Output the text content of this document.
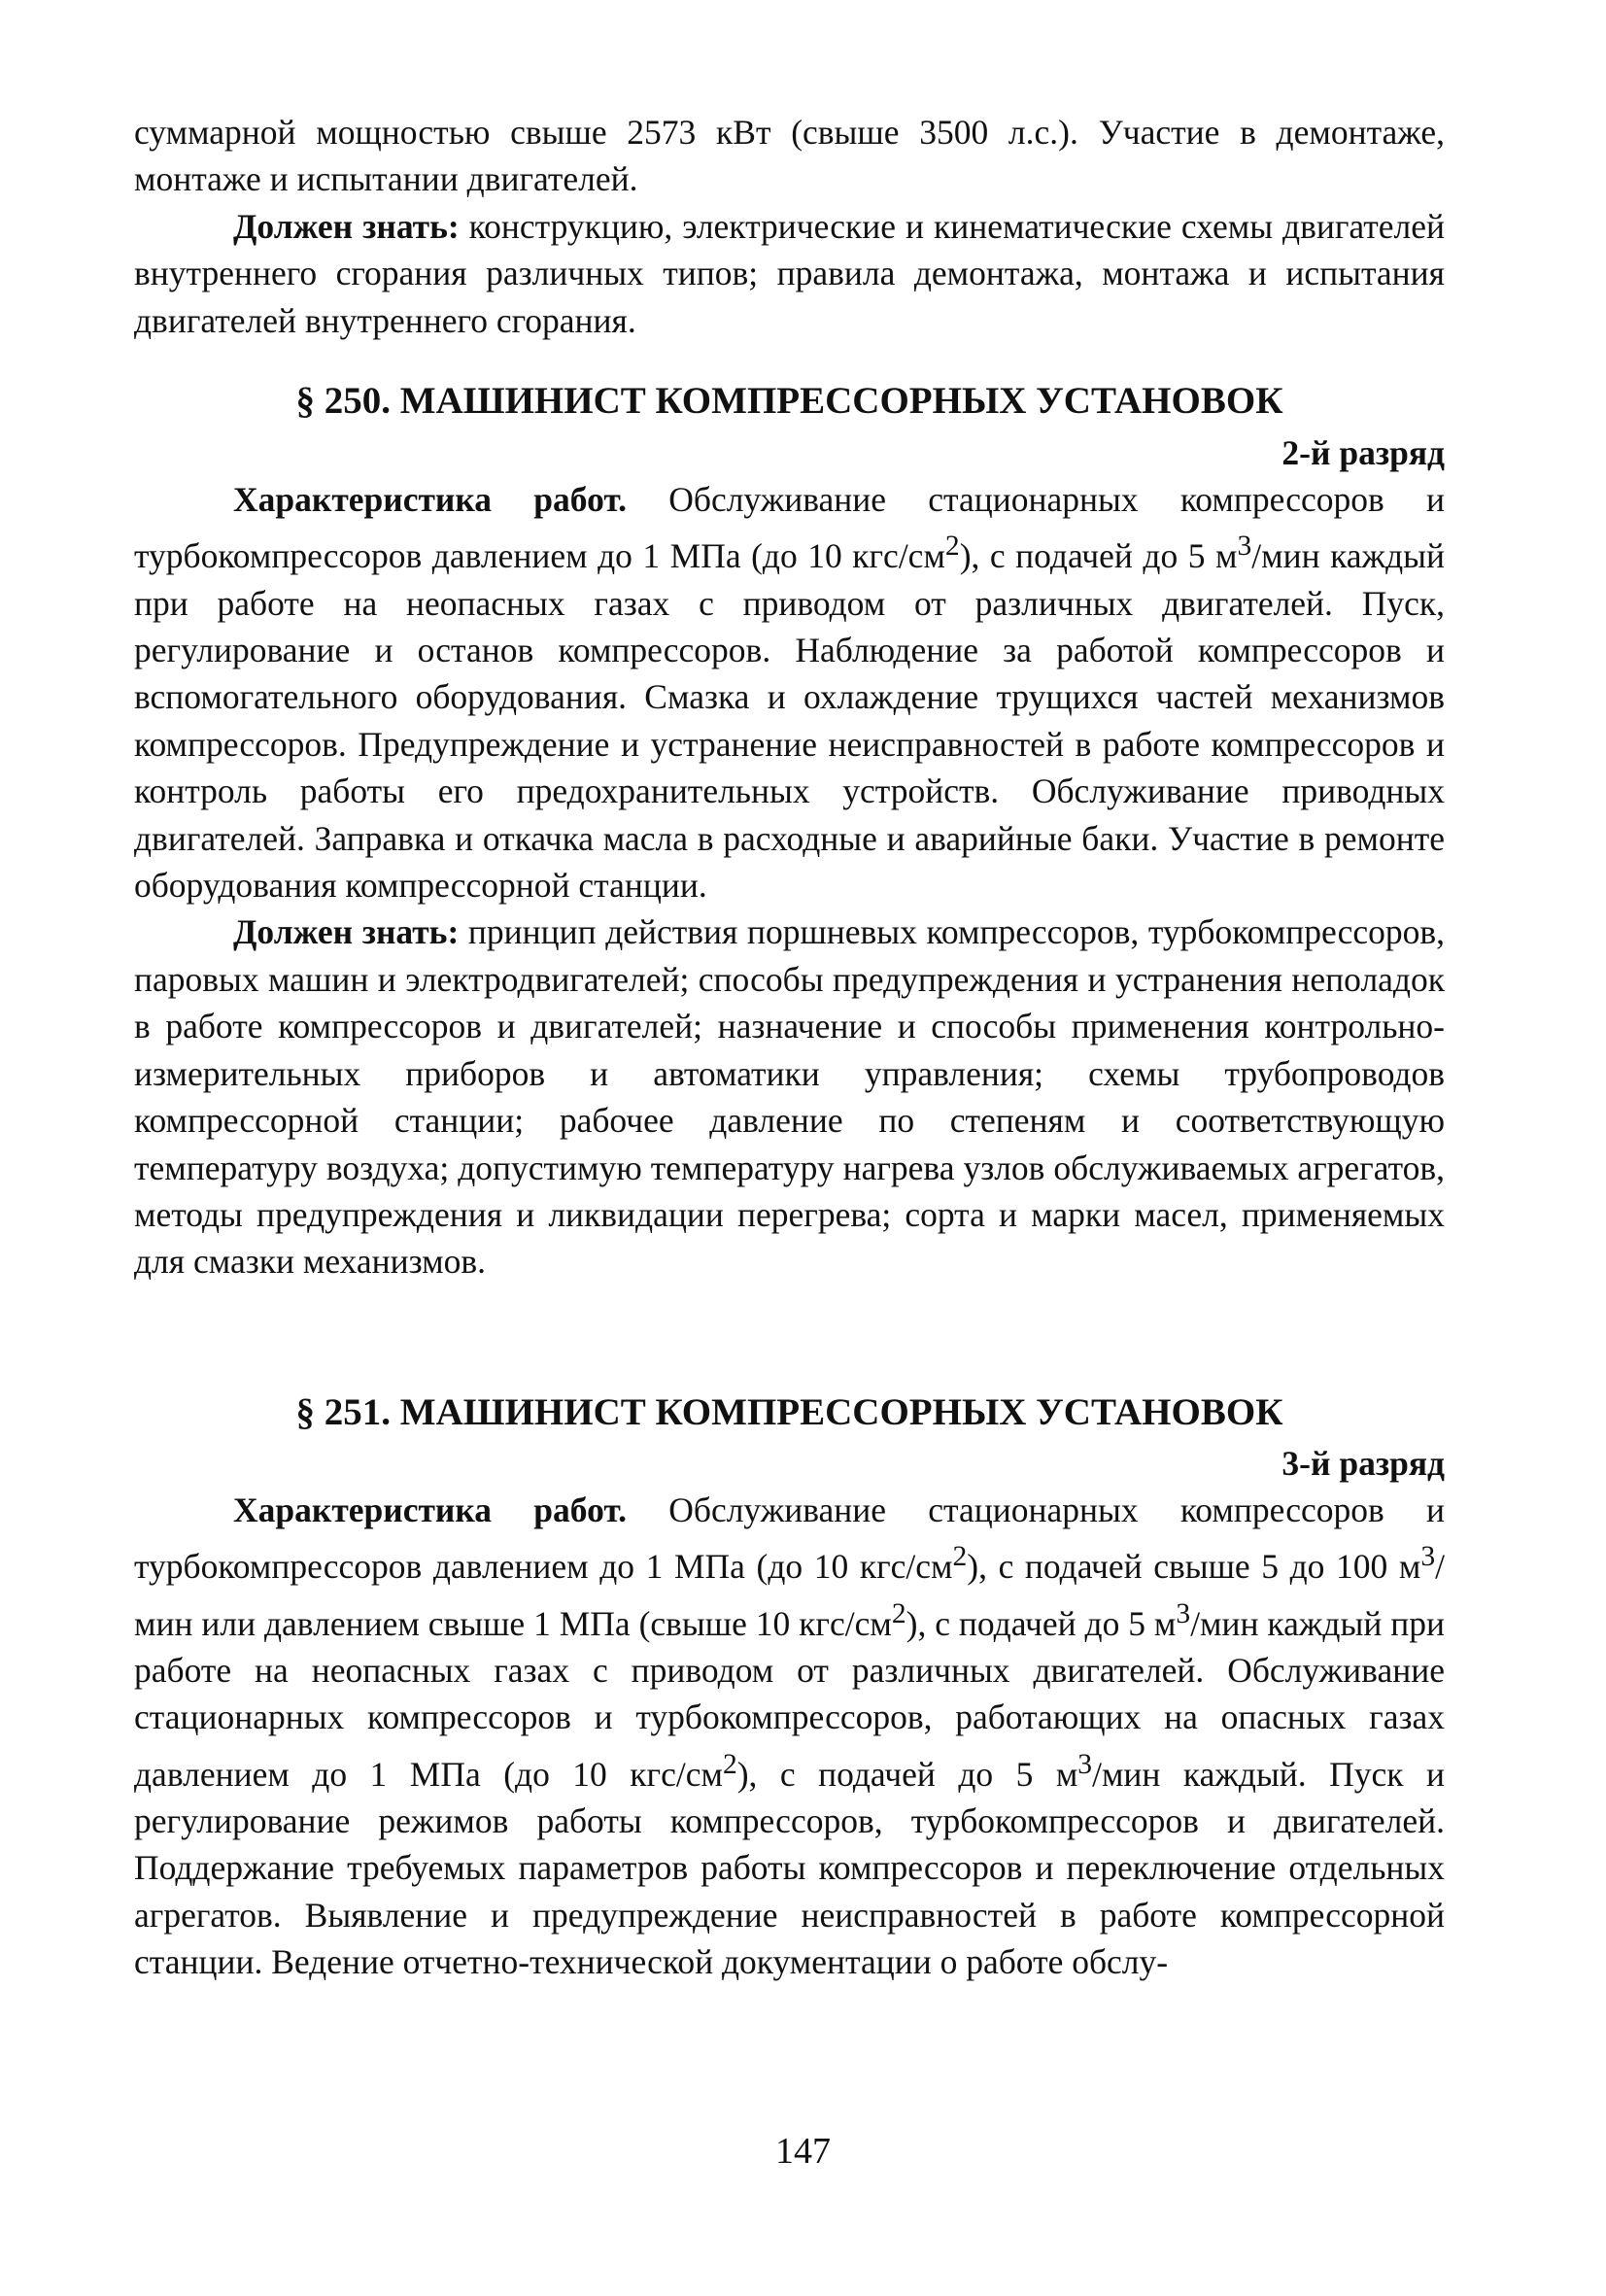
суммарной мощностью свыше 2573 кВт (свыше 3500 л.с.). Участие в демонтаже, монтаже и испытании двигателей.

Должен знать: конструкцию, электрические и кинематические схемы двигателей внутреннего сгорания различных типов; правила демонтажа, монтажа и испытания двигателей внутреннего сгорания.

§ 250. МАШИНИСТ КОМПРЕССОРНЫХ УСТАНОВОК
2-й разряд

Характеристика работ. Обслуживание стационарных компрессоров и турбокомпрессоров давлением до 1 МПа (до 10 кгс/$см^2$), с подачей до 5 $м^3$/мин каждый при работе на неопасных газах с приводом от различных двигателей. Пуск, регулирование и останов компрессоров. Наблюдение за работой компрессоров и вспомогательного оборудования. Смазка и охлаждение трущихся частей механизмов компрессоров. Предупреждение и устранение неисправностей в работе компрессоров и контроль работы его предохранительных устройств. Обслуживание приводных двигателей. Заправка и откачка масла в расходные и аварийные баки. Участие в ремонте оборудования компрессорной станции.

Должен знать: принцип действия поршневых компрессоров, турбокомпрессоров, паровых машин и электродвигателей; способы предупреждения и устранения неполадок в работе компрессоров и двигателей; назначение и способы применения контрольно-измерительных приборов и автоматики управления; схемы трубопроводов компрессорной станции; рабочее давление по степеням и соответствующую температуру воздуха; допустимую температуру нагрева узлов обслуживаемых агрегатов, методы предупреждения и ликвидации перегрева; сорта и марки масел, применяемых для смазки механизмов.

§ 251. МАШИНИСТ КОМПРЕССОРНЫХ УСТАНОВОК
3-й разряд

Характеристика работ. Обслуживание стационарных компрессоров и турбокомпрессоров давлением до 1 МПа (до 10 кгс/$см^2$), с подачей свыше 5 до 100 $м^3$/мин или давлением свыше 1 МПа (свыше 10 кгс/$см^2$), с подачей до 5 $м^3$/мин каждый при работе на неопасных газах с приводом от различных двигателей. Обслуживание стационарных компрессоров и турбокомпрессоров, работающих на опасных газах давлением до 1 МПа (до 10 кгс/$см^2$), с подачей до 5 $м^3$/мин каждый. Пуск и регулирование режимов работы компрессоров, турбокомпрессоров и двигателей. Поддержание требуемых параметров работы компрессоров и переключение отдельных агрегатов. Выявление и предупреждение неисправностей в работе компрессорной станции. Ведение отчетно-технической документации о работе обслу-

147
